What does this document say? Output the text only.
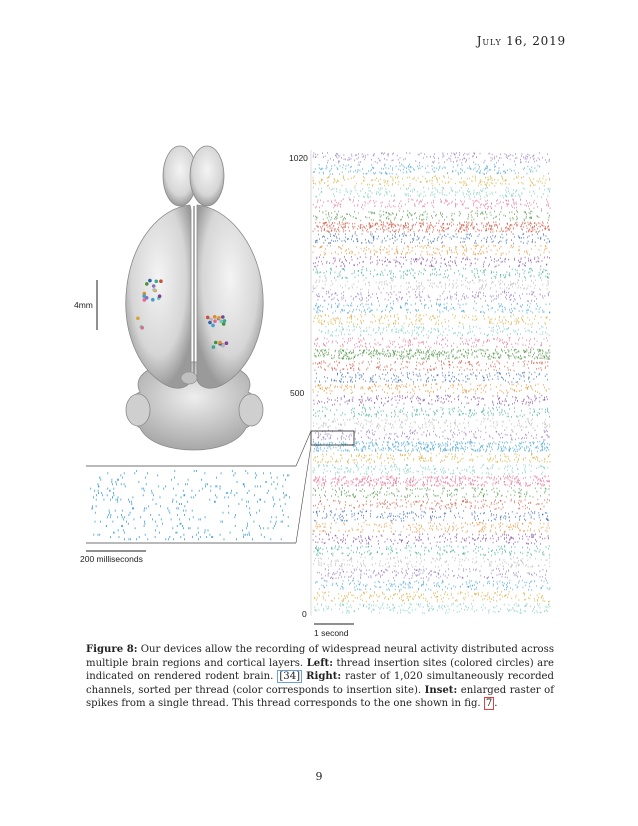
July 16, 2019
4mm
200 milliseconds
1020
500
0
1 second
Figure 8: Our devices allow the recording of widespread neural activity distributed across multiple brain regions and cortical layers. Left: thread insertion sites (colored circles) are indicated on rendered rodent brain. [34] Right: raster of 1,020 simultaneously recorded channels, sorted per thread (color corresponds to insertion site). Inset: enlarged raster of spikes from a single thread. This thread corresponds to the one shown in fig. 7 .
9
